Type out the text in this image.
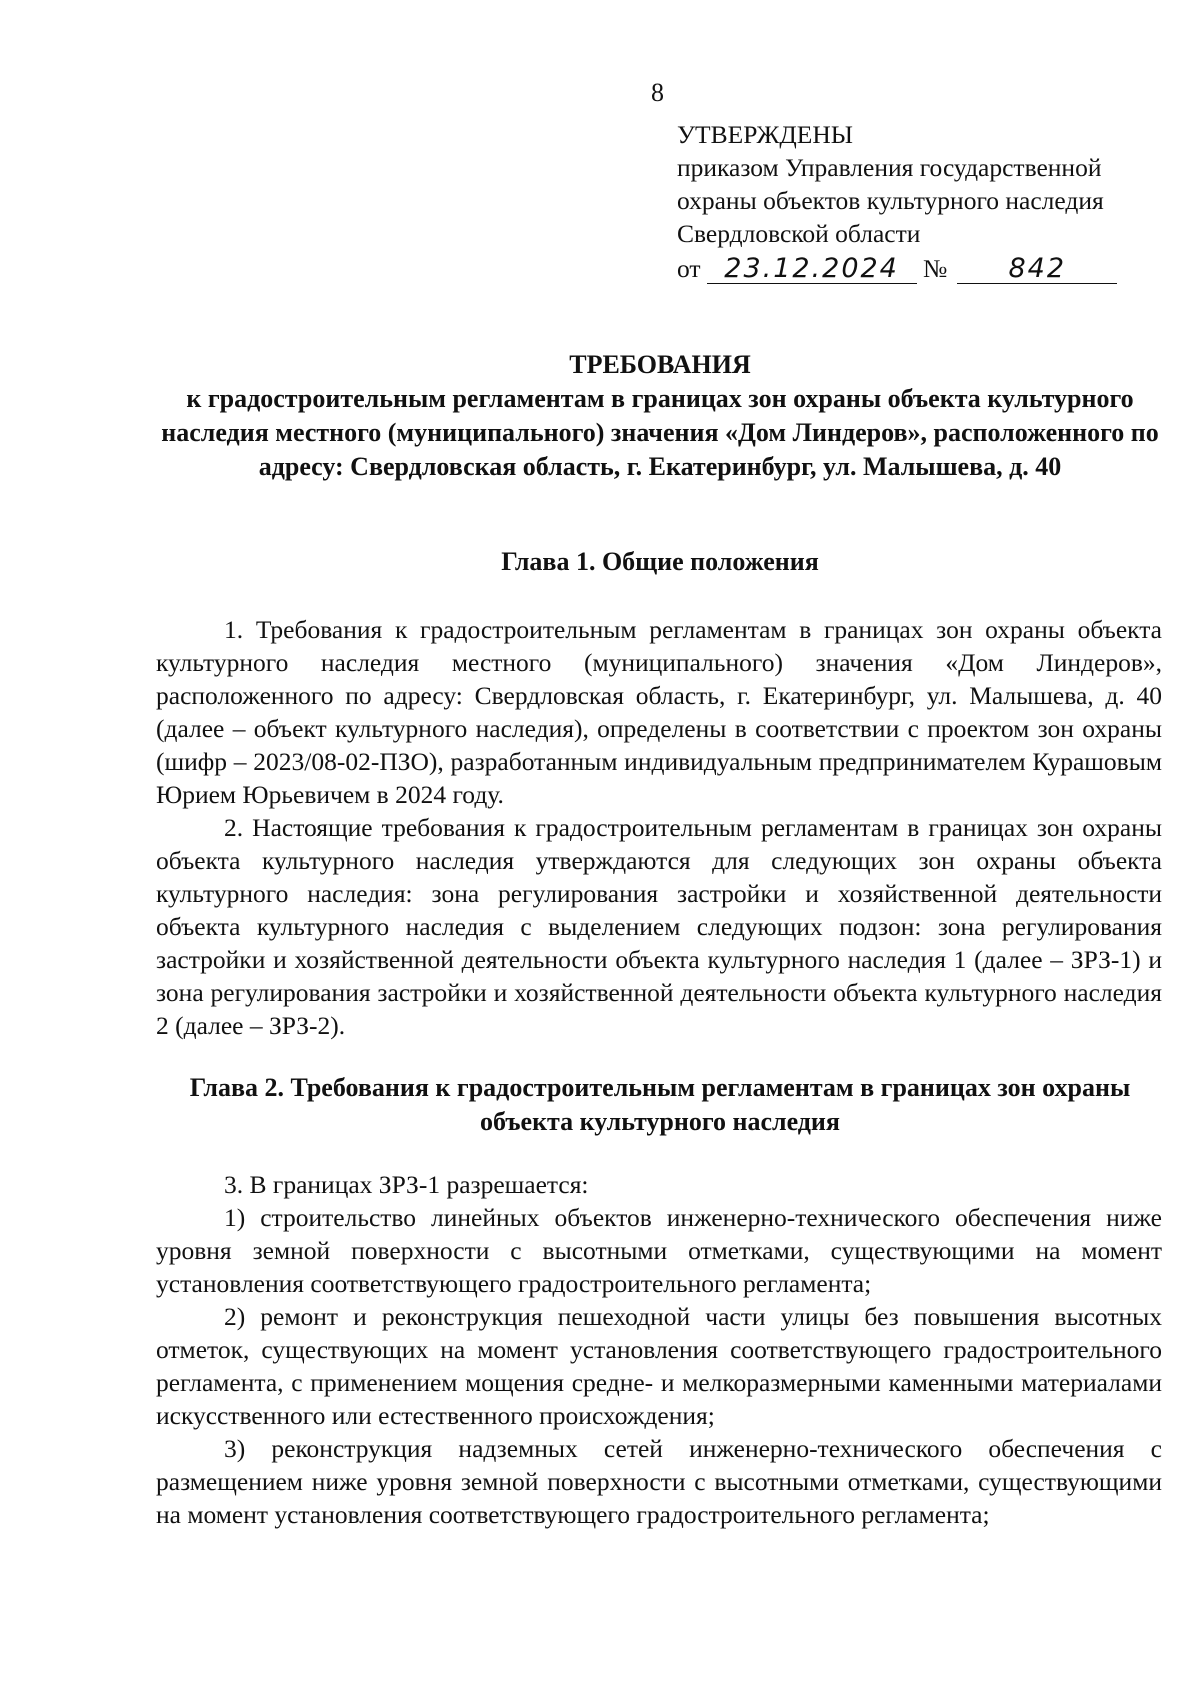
8
УТВЕРЖДЕНЫ
приказом Управления государственной
охраны объектов культурного наследия
Свердловской области
от 23.12.2024 № 842
ТРЕБОВАНИЯ
к градостроительным регламентам в границах зон охраны объекта культурного наследия местного (муниципального) значения «Дом Линдеров», расположенного по адресу: Свердловская область, г. Екатеринбург, ул. Малышева, д. 40
Глава 1. Общие положения

1. Требования к градостроительным регламентам в границах зон охраны объекта культурного наследия местного (муниципального) значения «Дом Линдеров», расположенного по адресу: Свердловская область, г. Екатеринбург, ул. Малышева, д. 40 (далее – объект культурного наследия), определены в соответствии с проектом зон охраны (шифр – 2023/08-02-ПЗО), разработанным индивидуальным предпринимателем Курашовым Юрием Юрьевичем в 2024 году.

2. Настоящие требования к градостроительным регламентам в границах зон охраны объекта культурного наследия утверждаются для следующих зон охраны объекта культурного наследия: зона регулирования застройки и хозяйственной деятельности объекта культурного наследия с выделением следующих подзон: зона регулирования застройки и хозяйственной деятельности объекта культурного наследия 1 (далее – ЗРЗ-1) и зона регулирования застройки и хозяйственной деятельности объекта культурного наследия 2 (далее – ЗРЗ-2).

Глава 2. Требования к градостроительным регламентам в границах зон охраны объекта культурного наследия

3. В границах ЗРЗ-1 разрешается:

1) строительство линейных объектов инженерно-технического обеспечения ниже уровня земной поверхности с высотными отметками, существующими на момент установления соответствующего градостроительного регламента;

2) ремонт и реконструкция пешеходной части улицы без повышения высотных отметок, существующих на момент установления соответствующего градостроительного регламента, с применением мощения средне- и мелкоразмерными каменными материалами искусственного или естественного происхождения;

3) реконструкция надземных сетей инженерно-технического обеспечения с размещением ниже уровня земной поверхности с высотными отметками, существующими на момент установления соответствующего градостроительного регламента;
